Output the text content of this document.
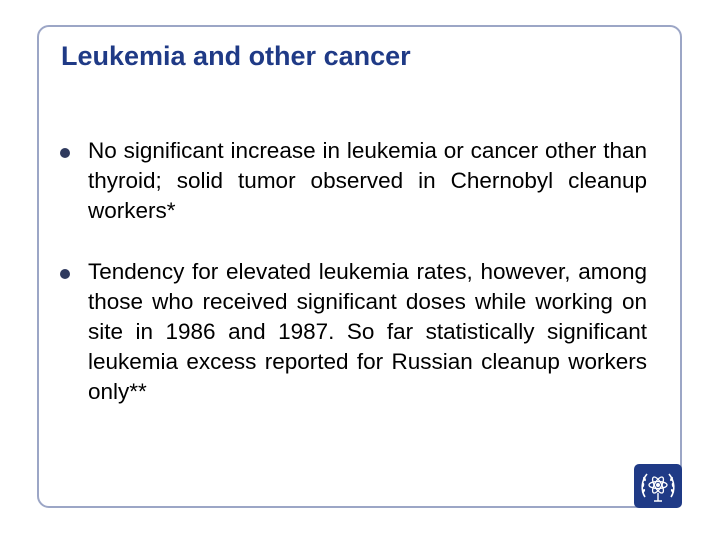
Leukemia and other cancer
No significant increase in leukemia or cancer other than thyroid; solid tumor observed in Chernobyl cleanup workers*
Tendency for elevated leukemia rates, however, among those who received significant doses while working on site in 1986 and 1987. So far statistically significant leukemia excess reported for Russian cleanup workers only**
